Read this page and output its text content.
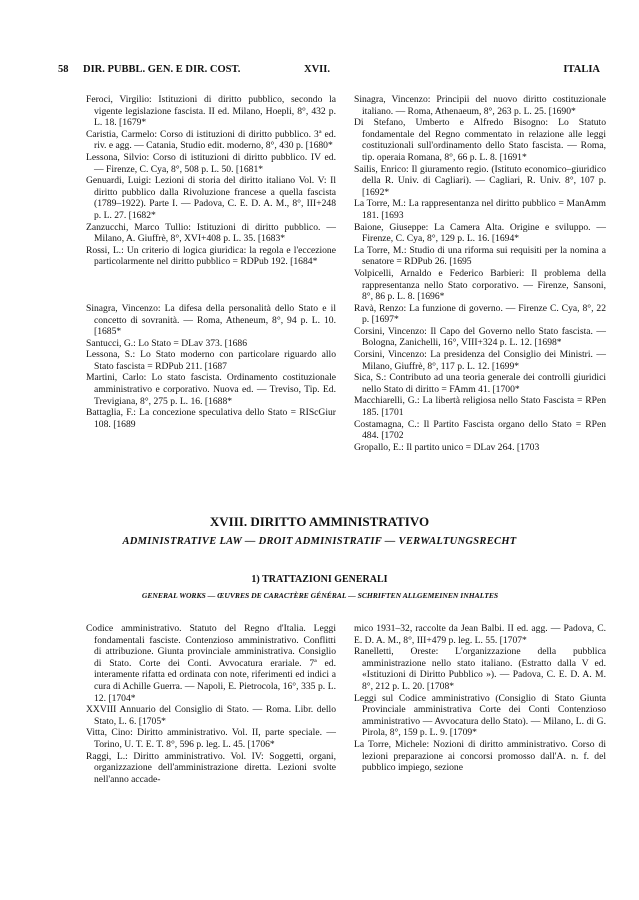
58 DIR. PUBBL. GEN. E DIR. COST.	XVII.	ITALIA

Feroci, Virgilio: Istituzioni di diritto pubblico, secondo la vigente legislazione fascista. II ed. Milano, Hoepli, 8°, 432 p. L. 18. [1679*

Caristia, Carmelo: Corso di istituzioni di diritto pubblico. 3ª ed. riv. e agg. — Catania, Studio edit. moderno, 8°, 430 p. [1680*

Lessona, Silvio: Corso di istituzioni di diritto pubblico. IV ed. — Firenze, C. Cya, 8°, 508 p. L. 50. [1681*

Genuardi, Luigi: Lezioni di storia del diritto italiano Vol. V: Il diritto pubblico dalla Rivoluzione francese a quella fascista (1789–1922). Parte I. — Padova, C. E. D. A. M., 8°, III+248 p. L. 27. [1682*

Zanzucchi, Marco Tullio: Istituzioni di diritto pubblico. — Milano, A. Giuffrè, 8°, XVI+408 p. L. 35. [1683*

Rossi, L.: Un criterio di logica giuridica: la regola e l'eccezione particolarmente nel diritto pubblico = RDPub 192. [1684*

Sinagra, Vincenzo: La difesa della personalità dello Stato e il concetto di sovranità. — Roma, Atheneum, 8°, 94 p. L. 10. [1685*

Santucci, G.: Lo Stato = DLav 373. [1686

Lessona, S.: Lo Stato moderno con particolare riguardo allo Stato fascista = RDPub 211. [1687

Martini, Carlo: Lo stato fascista. Ordinamento costituzionale amministrativo e corporativo. Nuova ed. — Treviso, Tip. Ed. Trevigiana, 8°, 275 p. L. 16. [1688*

Battaglia, F.: La concezione speculativa dello Stato = RIScGiur 108. [1689

Sinagra, Vincenzo: Principii del nuovo diritto costituzionale italiano. — Roma, Athenaeum, 8°, 263 p. L. 25. [1690*

Di Stefano, Umberto e Alfredo Bisogno: Lo Statuto fondamentale del Regno commentato in relazione alle leggi costituzionali sull'ordinamento dello Stato fascista. — Roma, tip. operaia Romana, 8°, 66 p. L. 8. [1691*

Sailis, Enrico: Il giuramento regio. (Istituto economico–giuridico della R. Univ. di Cagliari). — Cagliari, R. Univ. 8°, 107 p. [1692*

La Torre, M.: La rappresentanza nel diritto pubblico = ManAmm 181. [1693

Baione, Giuseppe: La Camera Alta. Origine e sviluppo. — Firenze, C. Cya, 8°, 129 p. L. 16. [1694*

La Torre, M.: Studio di una riforma sui requisiti per la nomina a senatore = RDPub 26. [1695

Volpicelli, Arnaldo e Federico Barbieri: Il problema della rappresentanza nello Stato corporativo. — Firenze, Sansoni, 8°, 86 p. L. 8. [1696*

Ravà, Renzo: La funzione di governo. — Firenze C. Cya, 8°, 22 p. [1697*

Corsini, Vincenzo: Il Capo del Governo nello Stato fascista. — Bologna, Zanichelli, 16°, VIII+324 p. L. 12. [1698*

Corsini, Vincenzo: La presidenza del Consiglio dei Ministri. — Milano, Giuffrè, 8°, 117 p. L. 12. [1699*

Sica, S.: Contributo ad una teoria generale dei controlli giuridici nello Stato di diritto = FAmm 41. [1700*

Macchiarelli, G.: La libertà religiosa nello Stato Fascista = RPen 185. [1701

Costamagna, C.: Il Partito Fascista organo dello Stato = RPen 484. [1702

Gropallo, E.: Il partito unico = DLav 264. [1703

XVIII. DIRITTO AMMINISTRATIVO
ADMINISTRATIVE LAW — DROIT ADMINISTRATIF — VERWALTUNGSRECHT
1) TRATTAZIONI GENERALI
GENERAL WORKS — ŒUVRES DE CARACTÈRE GÉNÉRAL — SCHRIFTEN ALLGEMEINEN INHALTES

Codice amministrativo. Statuto del Regno d'Italia. Leggi fondamentali fasciste. Contenzioso amministrativo. Conflitti di attribuzione. Giunta provinciale amministrativa. Consiglio di Stato. Corte dei Conti. Avvocatura erariale. 7ª ed. interamente rifatta ed ordinata con note, riferimenti ed indici a cura di Achille Guerra. — Napoli, E. Pietrocola, 16°, 335 p. L. 12. [1704*

XXVIII Annuario del Consiglio di Stato. — Roma. Libr. dello Stato, L. 6. [1705*

Vitta, Cino: Diritto amministrativo. Vol. II, parte speciale. — Torino, U. T. E. T. 8°, 596 p. leg. L. 45. [1706*

Raggi, L.: Diritto amministrativo. Vol. IV: Soggetti, organi, organizzazione dell'amministrazione diretta. Lezioni svolte nell'anno accade-

mico 1931–32, raccolte da Jean Balbi. II ed. agg. — Padova, C. E. D. A. M., 8°, III+479 p. leg. L. 55. [1707*

Ranelletti, Oreste: L'organizzazione della pubblica amministrazione nello stato italiano. (Estratto dalla V ed. «Istituzioni di Diritto Pubblico »). — Padova, C. E. D. A. M. 8°, 212 p. L. 20. [1708*

Leggi sul Codice amministrativo (Consiglio di Stato Giunta Provinciale amministrativa Corte dei Conti Contenzioso amministrativo — Avvocatura dello Stato). — Milano, L. di G. Pirola, 8°, 159 p. L. 9. [1709*

La Torre, Michele: Nozioni di diritto amministrativo. Corso di lezioni preparazione ai concorsi promosso dall'A. n. f. del pubblico impiego, sezione
